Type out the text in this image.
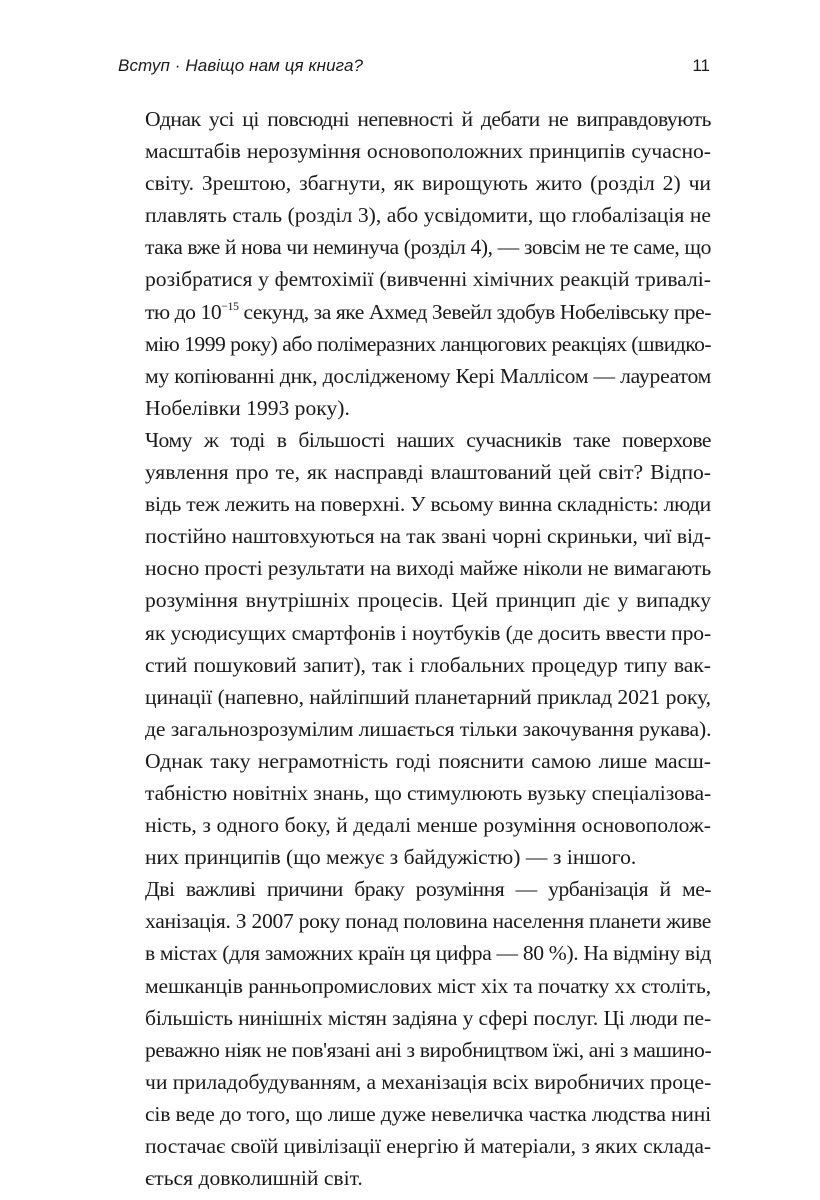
Вступ · Навіщо нам ця книга?	11

Однак усі ці повсюдні непевності й дебати не виправдовують
масштабів нерозуміння основоположних принципів сучасно-
світу. Зрештою, збагнути, як вирощують жито (розділ 2) чи
плавлять сталь (розділ 3), або усвідомити, що глобалізація не
така вже й нова чи неминуча (розділ 4), — зовсім не те саме, що
розібратися у фемтохімії (вивченні хімічних реакцій тривалі-
тю до $10^{-15}$ секунд, за яке Ахмед Зевейл здобув Нобелівську пре-
мію 1999 року) або полімеразних ланцюгових реакціях (швидко-
му копіюванні днк, дослідженому Кері Маллісом — лауреатом
Нобелівки 1993 року).

Чому ж тоді в більшості наших сучасників таке поверхове
уявлення про те, як насправді влаштований цей світ? Відпо-
відь теж лежить на поверхні. У всьому винна складність: люди
постійно наштовхуються на так звані чорні скриньки, чиї від-
носно прості результати на виході майже ніколи не вимагають
розуміння внутрішніх процесів. Цей принцип діє у випадку
як усюдисущих смартфонів і ноутбуків (де досить ввести про-
стий пошуковий запит), так і глобальних процедур типу вак-
цинації (напевно, найліпший планетарний приклад 2021 року,
де загальнозрозумілим лишається тільки закочування рукава).
Однак таку неграмотність годі пояснити самою лише масш-
табністю новітніх знань, що стимулюють вузьку спеціалізова-
ність, з одного боку, й дедалі менше розуміння основополож-
них принципів (що межує з байдужістю) — з іншого.

Дві важливі причини браку розуміння — урбанізація й ме-
ханізація. З 2007 року понад половина населення планети живе
в містах (для заможних країн ця цифра — 80 %). На відміну від
мешканців ранньопромислових міст xix та початку xx століть,
більшість нинішніх містян задіяна у сфері послуг. Ці люди пе-
реважно ніяк не пов'язані ані з виробництвом їжі, ані з машино-
чи приладобудуванням, а механізація всіх виробничих проце-
сів веде до того, що лише дуже невеличка частка людства нині
постачає своїй цивілізації енергію й матеріали, з яких склада-
ється довколишній світ.
